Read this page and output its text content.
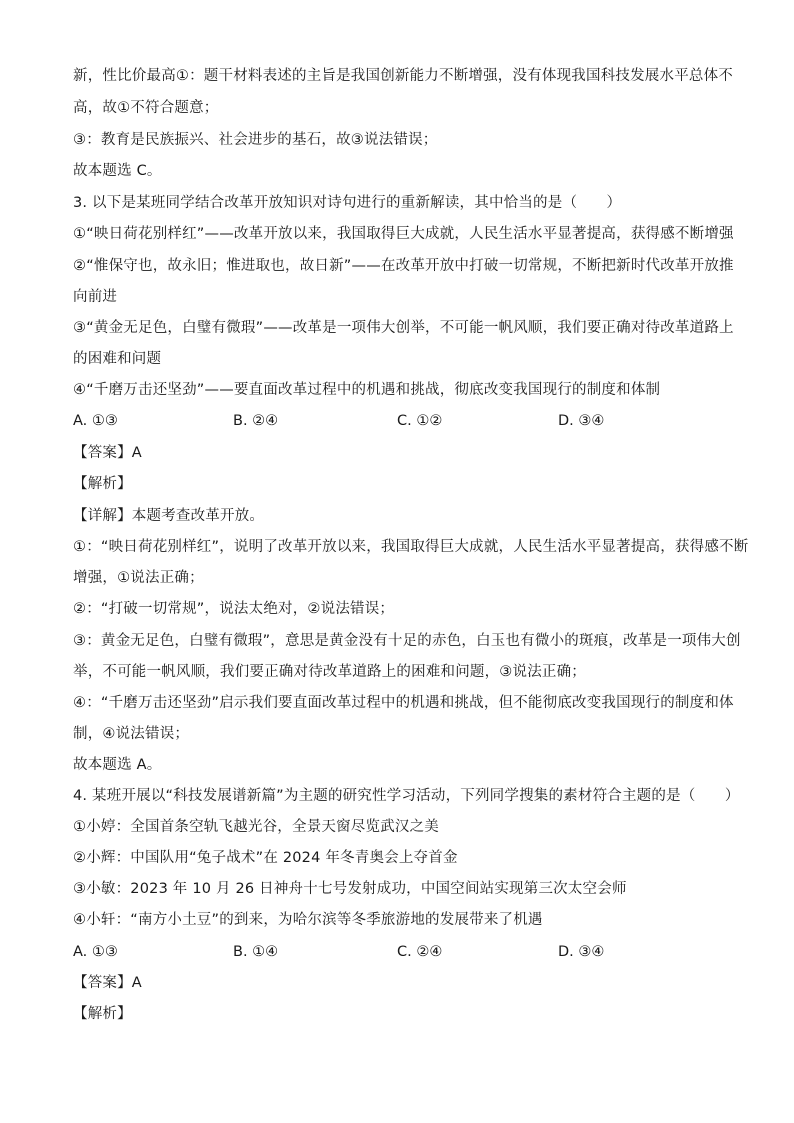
新，性比价最高①：题干材料表述的主旨是我国创新能力不断增强，没有体现我国科技发展水平总体不
高，故①不符合题意；
③：教育是民族振兴、社会进步的基石，故③说法错误；
故本题选 C。
3. 以下是某班同学结合改革开放知识对诗句进行的重新解读，其中恰当的是（　　）
①“映日荷花别样红”——改革开放以来，我国取得巨大成就，人民生活水平显著提高，获得感不断增强
②“惟保守也，故永旧；惟进取也，故日新”——在改革开放中打破一切常规，不断把新时代改革开放推
向前进
③“黄金无足色，白璧有微瑕”——改革是一项伟大创举，不可能一帆风顺，我们要正确对待改革道路上
的困难和问题
④“千磨万击还坚劲”——要直面改革过程中的机遇和挑战，彻底改变我国现行的制度和体制
A. ①③	B. ②④	C. ①②	D. ③④
【答案】A
【解析】
【详解】本题考查改革开放。
①：“映日荷花别样红”，说明了改革开放以来，我国取得巨大成就，人民生活水平显著提高，获得感不断
增强，①说法正确；
②：“打破一切常规”，说法太绝对，②说法错误；
③：黄金无足色，白璧有微瑕”，意思是黄金没有十足的赤色，白玉也有微小的斑痕，改革是一项伟大创
举，不可能一帆风顺，我们要正确对待改革道路上的困难和问题，③说法正确；
④：“千磨万击还坚劲”启示我们要直面改革过程中的机遇和挑战，但不能彻底改变我国现行的制度和体
制，④说法错误；
故本题选 A。
4. 某班开展以“科技发展谱新篇”为主题的研究性学习活动，下列同学搜集的素材符合主题的是（　　）
①小婷：全国首条空轨飞越光谷，全景天窗尽览武汉之美
②小辉：中国队用“兔子战术”在 2024 年冬青奥会上夺首金
③小敏：2023 年 10 月 26 日神舟十七号发射成功，中国空间站实现第三次太空会师
④小轩：“南方小土豆”的到来，为哈尔滨等冬季旅游地的发展带来了机遇
A. ①③	B. ①④	C. ②④	D. ③④
【答案】A
【解析】
